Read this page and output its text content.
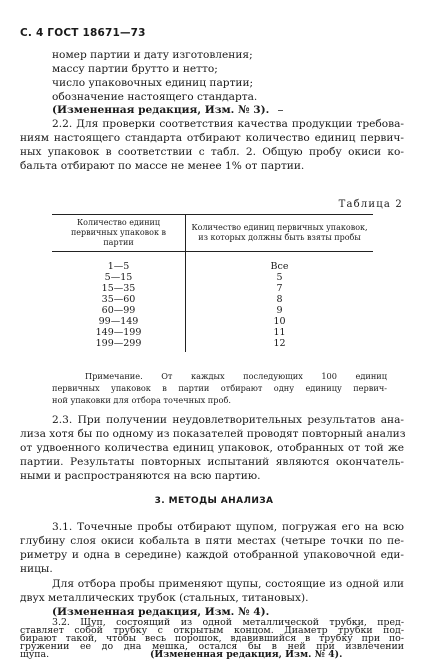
С. 4 ГОСТ 18671—73
номер партии и дату изготовления;
массу партии брутто и нетто;
число упаковочных единиц партии;
обозначение настоящего стандарта.
(Измененная редакция, Изм. № 3).
2.2. Для проверки соответствия качества продукции требова-
ниям настоящего стандарта отбирают количество единиц первич-
ных упаковок в соответствии с табл. 2. Общую пробу окиси ко-
бальта отбирают по массе не менее 1% от партии.
Таблица 2
Количество единиц первичных упаковок в партии	Количество единиц первичных упаковок, из которых должны быть взяты пробы
1—5	Все
5—15	5
15—35	7
35—60	8
60—99	9
99—149	10
149—199	11
199—299	12
Примечание. От каждых последующих 100 единиц
первичных упаковок в партии отбирают одну единицу первич-
ной упаковки для отбора точечных проб.
2.3. При получении неудовлетворительных результатов ана-
лиза хотя бы по одному из показателей проводят повторный анализ
от удвоенного количества единиц упаковок, отобранных от той же
партии. Результаты повторных испытаний являются окончатель-
ными и распространяются на всю партию.
3. МЕТОДЫ АНАЛИЗА
3.1. Точечные пробы отбирают щупом, погружая его на всю
глубину слоя окиси кобальта в пяти местах (четыре точки по пе-
риметру и одна в середине) каждой отобранной упаковочной еди-
ницы.
Для отбора пробы применяют щупы, состоящие из одной или
двух металлических трубок (стальных, титановых).
(Измененная редакция, Изм. № 4).
3.2. Щуп, состоящий из одной металлической трубки, пред-
ставляет собой трубку с открытым концом. Диаметр трубки под-
бирают такой, чтобы весь порошок, вдавившийся в трубку при по-
гружении ее до дна мешка, остался бы в ней при извлечении
щупа.	(Измененная редакция, Изм. № 4).
